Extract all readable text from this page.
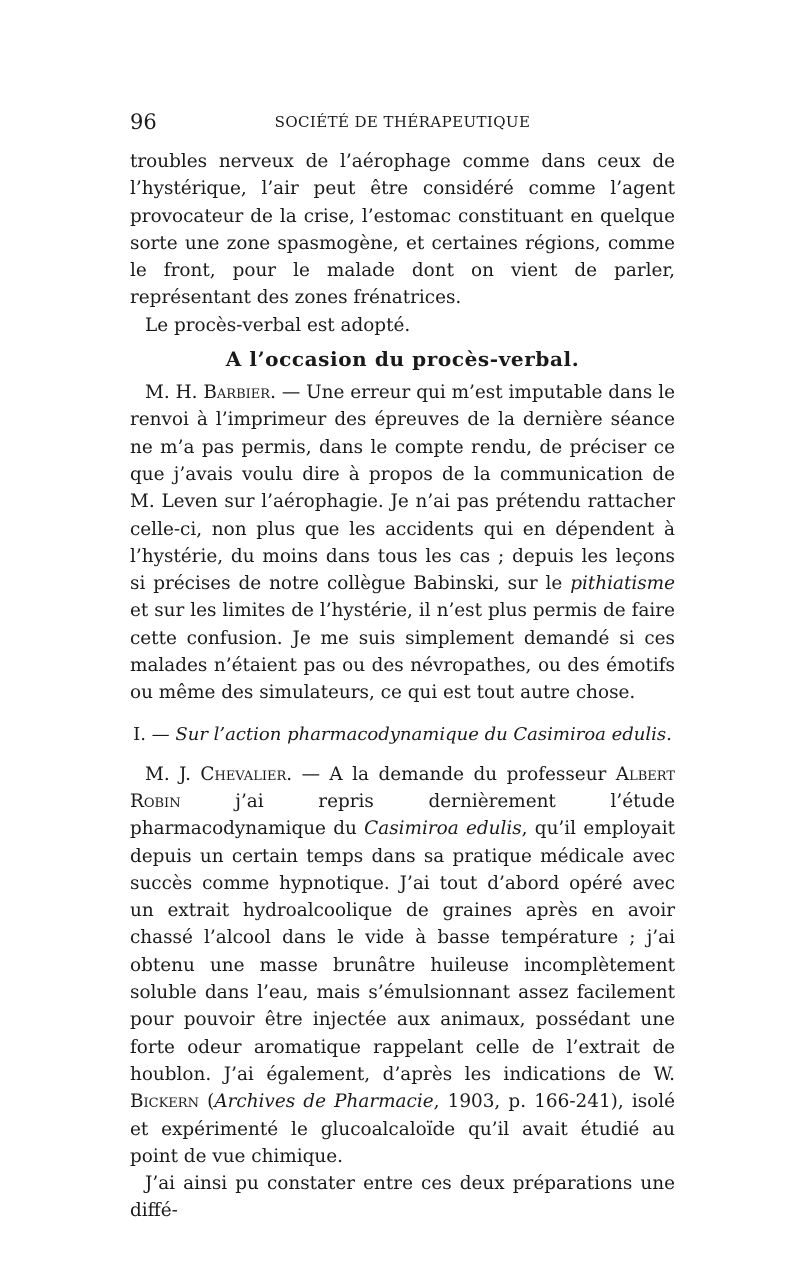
96	SOCIÉTÉ DE THÉRAPEUTIQUE

troubles nerveux de l’aérophage comme dans ceux de l’hystérique, l’air peut être considéré comme l’agent provocateur de la crise, l’estomac constituant en quelque sorte une zone spasmogène, et certaines régions, comme le front, pour le malade dont on vient de parler, représentant des zones frénatrices.

Le procès-verbal est adopté.

A l’occasion du procès-verbal.

M. H. Barbier. — Une erreur qui m’est imputable dans le renvoi à l’imprimeur des épreuves de la dernière séance ne m’a pas permis, dans le compte rendu, de préciser ce que j’avais voulu dire à propos de la communication de M. Leven sur l’aérophagie. Je n’ai pas prétendu rattacher celle-ci, non plus que les accidents qui en dépendent à l’hystérie, du moins dans tous les cas ; depuis les leçons si précises de notre collègue Babinski, sur le pithiatisme et sur les limites de l’hystérie, il n’est plus permis de faire cette confusion. Je me suis simplement demandé si ces malades n’étaient pas ou des névropathes, ou des émotifs ou même des simulateurs, ce qui est tout autre chose.

I. — Sur l’action pharmacodynamique du Casimiroa edulis.

M. J. Chevalier. — A la demande du professeur Albert Robin j’ai repris dernièrement l’étude pharmacodynamique du Casimiroa edulis, qu’il employait depuis un certain temps dans sa pratique médicale avec succès comme hypnotique. J’ai tout d’abord opéré avec un extrait hydroalcoolique de graines après en avoir chassé l’alcool dans le vide à basse température ; j’ai obtenu une masse brunâtre huileuse incomplètement soluble dans l’eau, mais s’émulsionnant assez facilement pour pouvoir être injectée aux animaux, possédant une forte odeur aromatique rappelant celle de l’extrait de houblon. J’ai également, d’après les indications de W. Bickern (Archives de Pharmacie, 1903, p. 166-241), isolé et expérimenté le glucoalcaloïde qu’il avait étudié au point de vue chimique.

J’ai ainsi pu constater entre ces deux préparations une diffé-
